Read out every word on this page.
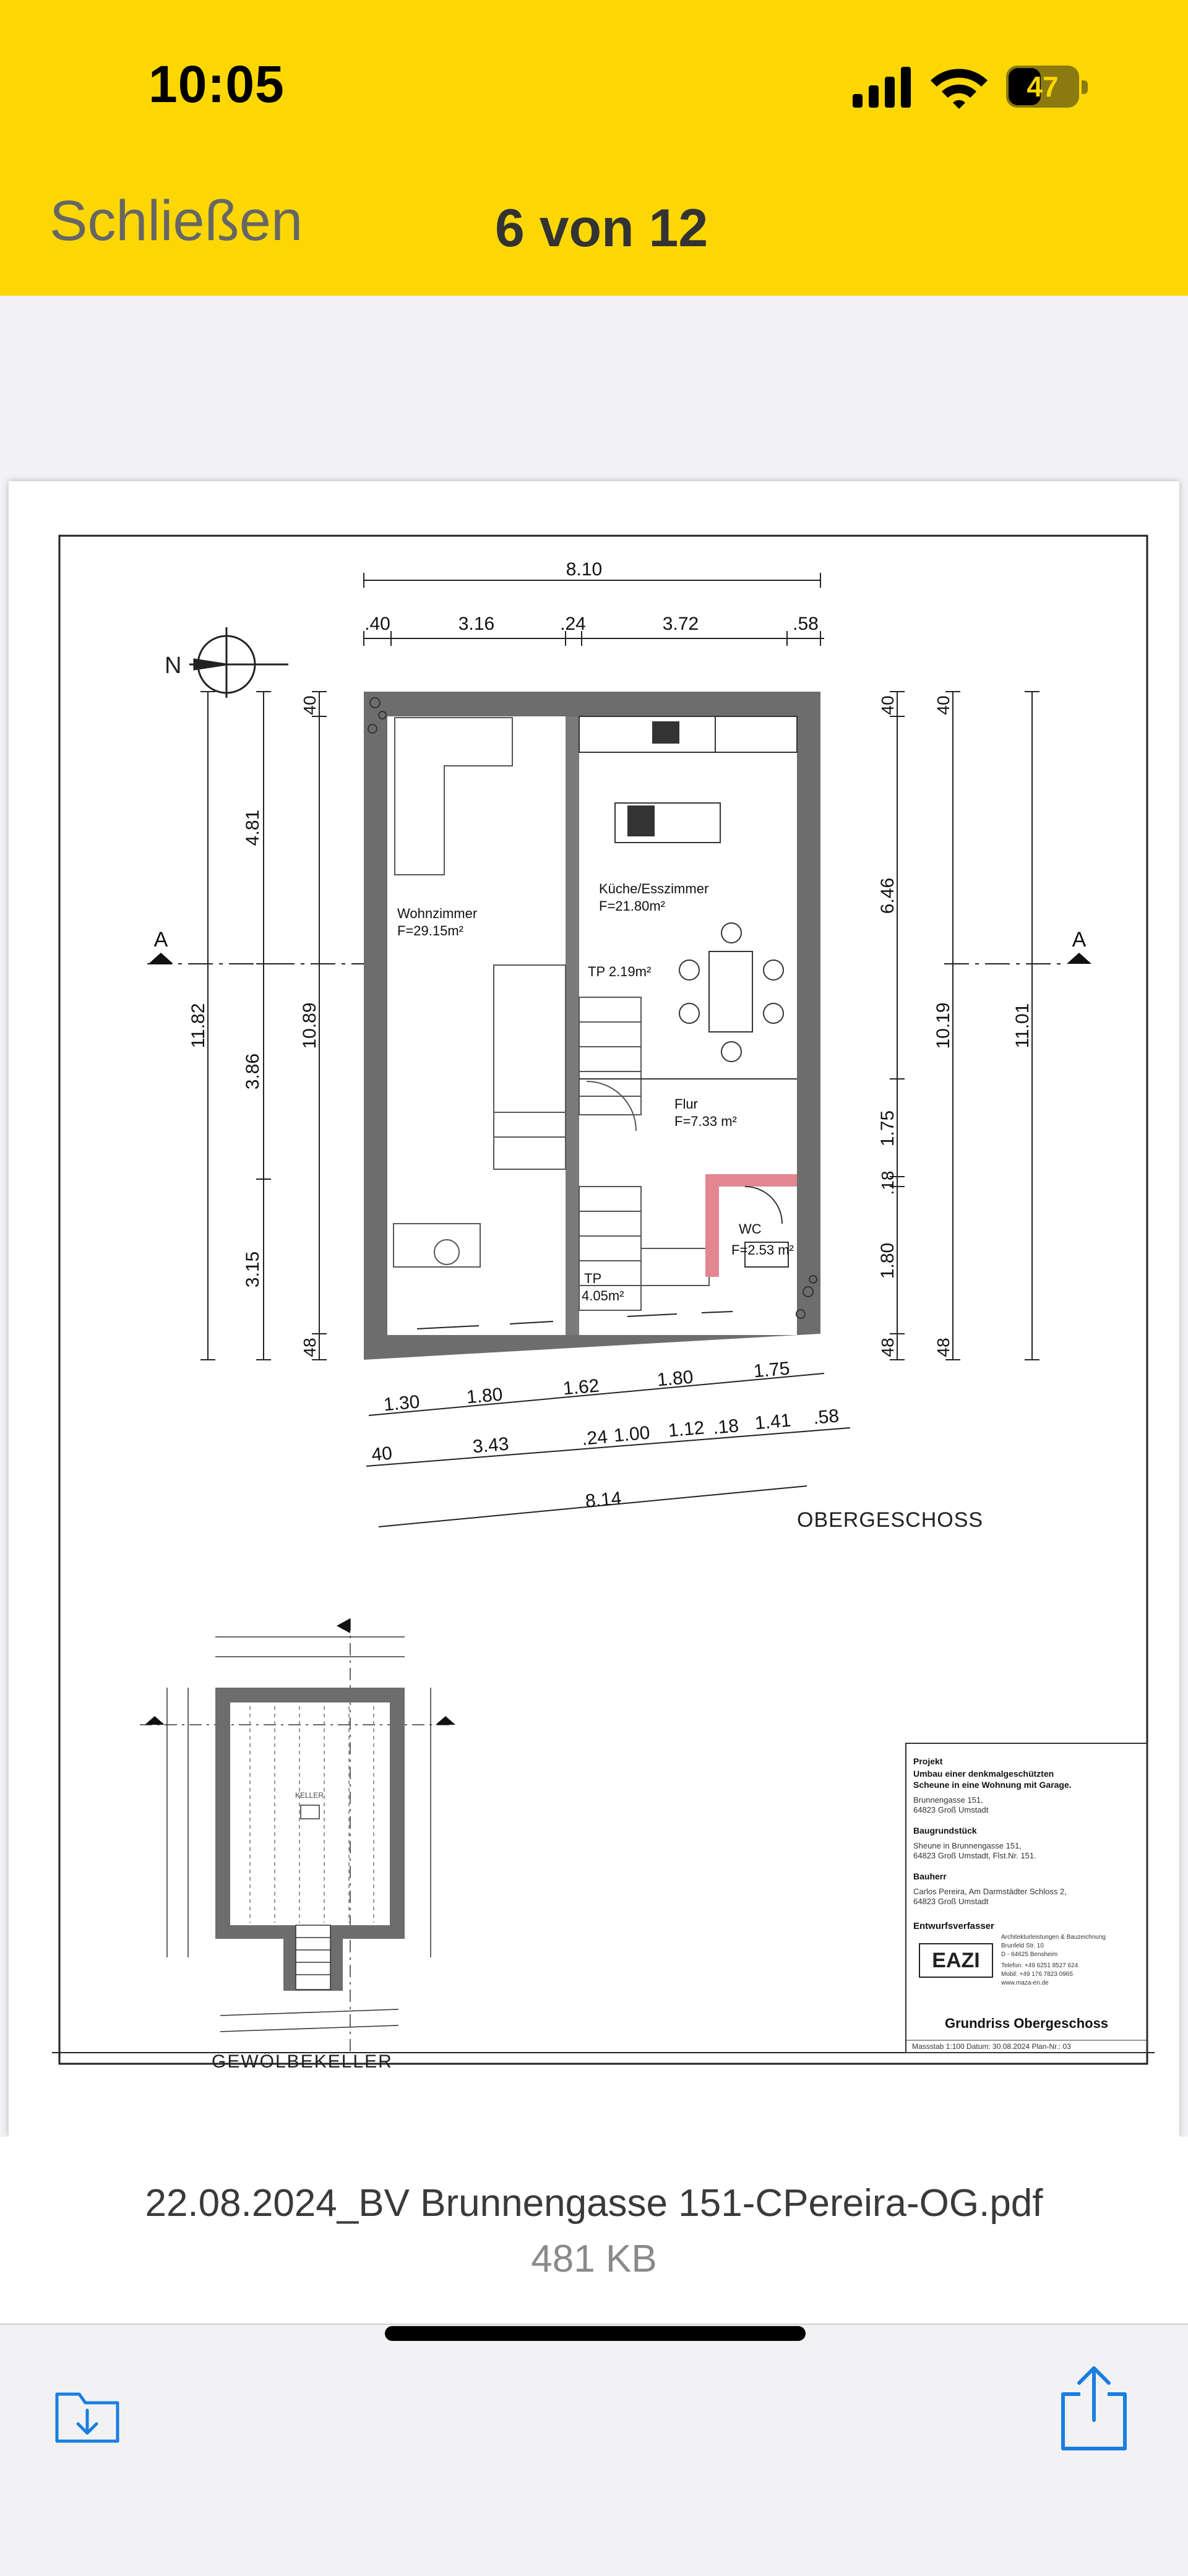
10:05	47
Schließen	6 von 12
8.10
.40	3.16	.24	3.72	.58
N
11.82
4.81
3.86
3.15
10.89
40
48
A	A
6.46
1.75
.18
1.80
40
48
10.19
40
48
11.01
Wohnzimmer
F=29.15m²
Küche/Esszimmer
F=21.80m²
TP 2.19m²
Flur
F=7.33 m²
WC
F=2.53 m²
TP
4.05m²
1.30 1.80	1.62	1.80	1.75
40	3.43	.24 1.00 1.12 .18 1.41 .58
8.14
OBERGESCHOSS
KELLER
GEWÖLBEKELLER
Projekt
Umbau einer denkmalgeschützten
Scheune in eine Wohnung mit Garage.
Brunnengasse 151,
64823 Groß Umstadt
Baugrundstück
Sheune in Brunnengasse 151,
64823 Groß Umstadt, Flst.Nr. 151.
Bauherr
Carlos Pereira, Am Darmstädter Schloss 2,
64823 Groß Umstadt
Entwurfsverfasser
EAZI
Architekturleistungen & Bauzeichnung
Brunfeld Str. 10
D - 64625 Bensheim
Telefon: +49 6251 8527 624
Mobil: +49 176 7823 0965
www.maza-en.de
Grundriss Obergeschoss
Massstab 1:100 Datum: 30.08.2024 Plan-Nr.: 03
22.08.2024_BV Brunnengasse 151-CPereira-OG.pdf
481 KB
